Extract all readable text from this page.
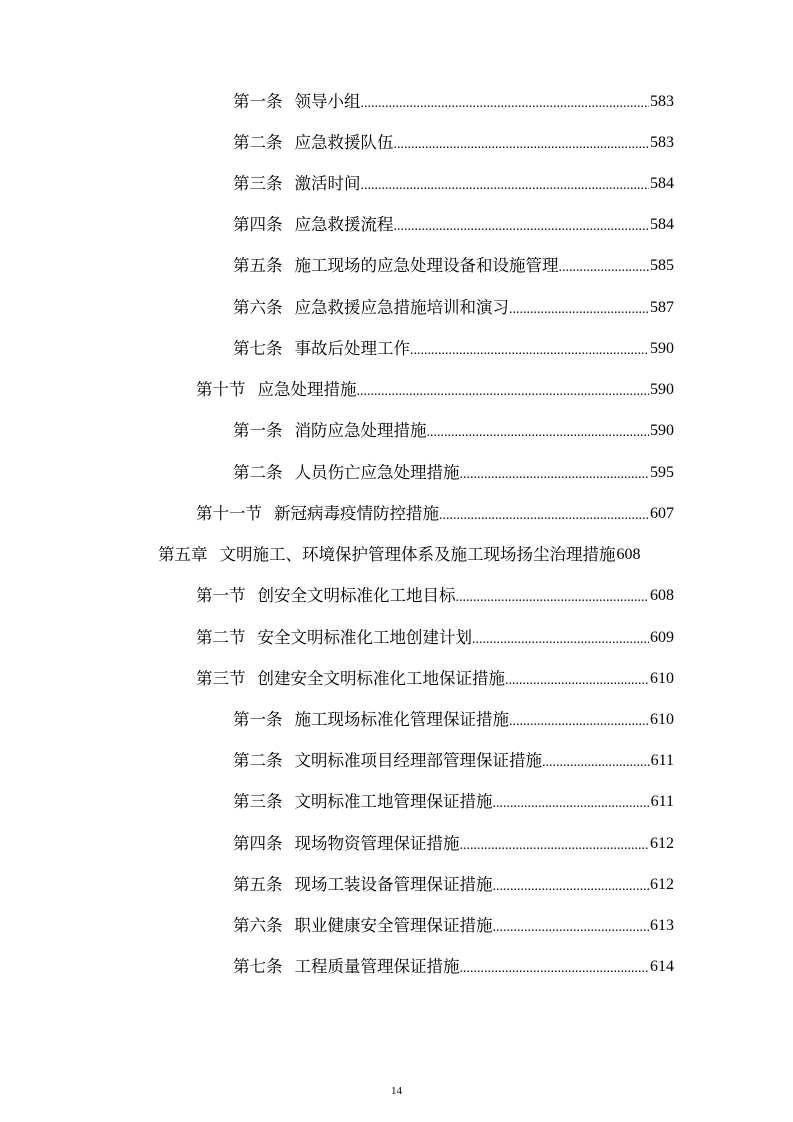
第一条 领导小组 .....	583
第二条 应急救援队伍 .....	583
第三条 激活时间 .....	584
第四条 应急救援流程 .....	584
第五条 施工现场的应急处理设备和设施管理 .....	585
第六条 应急救援应急措施培训和演习 .....	587
第七条 事故后处理工作 .....	590
第十节 应急处理措施 .....	590
第一条 消防应急处理措施 .....	590
第二条 人员伤亡应急处理措施 .....	595
第十一节 新冠病毒疫情防控措施 .....	607
第五章 文明施工、环境保护管理体系及施工现场扬尘治理措施 608
第一节 创安全文明标准化工地目标 .....	608
第二节 安全文明标准化工地创建计划 .....	609
第三节 创建安全文明标准化工地保证措施 .....	610
第一条 施工现场标准化管理保证措施 .....	610
第二条 文明标准项目经理部管理保证措施 .....	611
第三条 文明标准工地管理保证措施 .....	611
第四条 现场物资管理保证措施 .....	612
第五条 现场工装设备管理保证措施 .....	612
第六条 职业健康安全管理保证措施 .....	613
第七条 工程质量管理保证措施 .....	614
14
